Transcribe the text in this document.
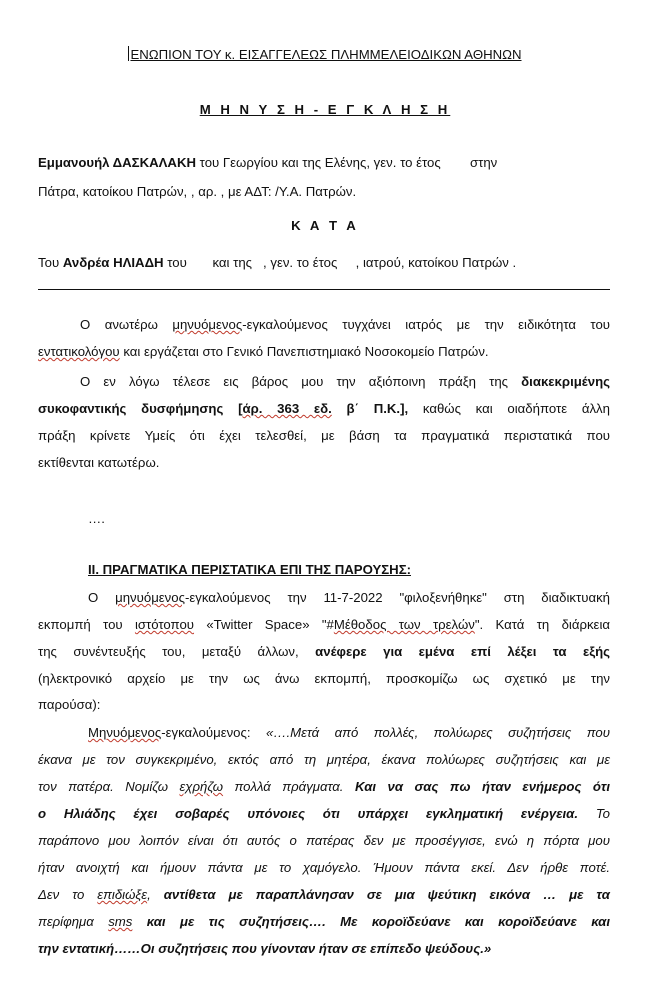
ΕΝΩΠΙΟΝ ΤΟΥ κ. ΕΙΣΑΓΓΕΛΕΩΣ ΠΛΗΜΜΕΛΕΙΟΔΙΚΩΝ ΑΘΗΝΩΝ
Μ Η Ν Υ Σ Η - Ε Γ Κ Λ Η Σ Η
Εμμανουήλ ΔΑΣΚΑΛΑΚΗ του Γεωργίου και της Ελένης, γεν. το έτος        στην
Πάτρα, κατοίκου Πατρών, , αρ. , με ΑΔΤ: /Υ.Α. Πατρών.
Κ Α Τ Α
Του Ανδρέα ΗΛΙΑΔΗ του       και της   , γεν. το έτος     , ιατρού, κατοίκου Πατρών .
Ο ανωτέρω μηνυόμενος-εγκαλούμενος τυγχάνει ιατρός με την ειδικότητα του
εντατικολόγου και εργάζεται στο Γενικό Πανεπιστημιακό Νοσοκομείο Πατρών.
Ο εν λόγω τέλεσε εις βάρος μου την αξιόποινη πράξη της διακεκριμένης
συκοφαντικής δυσφήμησης [άρ. 363 εδ. β΄ Π.Κ.], καθώς και οιαδήποτε άλλη
πράξη κρίνετε Υμείς ότι έχει τελεσθεί, με βάση τα πραγματικά περιστατικά που
εκτίθενται κατωτέρω.
….
ΙΙ. ΠΡΑΓΜΑΤΙΚΑ ΠΕΡΙΣΤΑΤΙΚΑ ΕΠΙ ΤΗΣ ΠΑΡΟΥΣΗΣ:
Ο μηνυόμενος-εγκαλούμενος την 11-7-2022 "φιλοξενήθηκε" στη διαδικτυακή
εκπομπή του ιστότοπου «Twitter Space» "#Μέθοδος των τρελών". Κατά τη διάρκεια
της συνέντευξής του, μεταξύ άλλων, ανέφερε για εμένα επί λέξει τα εξής
(ηλεκτρονικό αρχείο με την ως άνω εκπομπή, προσκομίζω ως σχετικό με την
παρούσα):
Μηνυόμενος-εγκαλούμενος: «….Μετά από πολλές, πολύωρες συζητήσεις που
έκανα με τον συγκεκριμένο, εκτός από τη μητέρα, έκανα πολύωρες συζητήσεις και με
τον πατέρα. Νομίζω εχρήζω πολλά πράγματα. Και να σας πω ήταν ενήμερος ότι
ο Ηλιάδης έχει σοβαρές υπόνοιες ότι υπάρχει εγκληματική ενέργεια. Το
παράπονο μου λοιπόν είναι ότι αυτός ο πατέρας δεν με προσέγγισε, ενώ η πόρτα μου
ήταν ανοιχτή και ήμουν πάντα με το χαμόγελο. Ήμουν πάντα εκεί. Δεν ήρθε ποτέ.
Δεν το επιδιώξε, αντίθετα με παραπλάνησαν σε μια ψεύτικη εικόνα … με τα
περίφημα sms και με τις συζητήσεις…. Με κοροϊδεύανε και κοροϊδεύανε και
την εντατική……Οι συζητήσεις που γίνονταν ήταν σε επίπεδο ψεύδους.»
